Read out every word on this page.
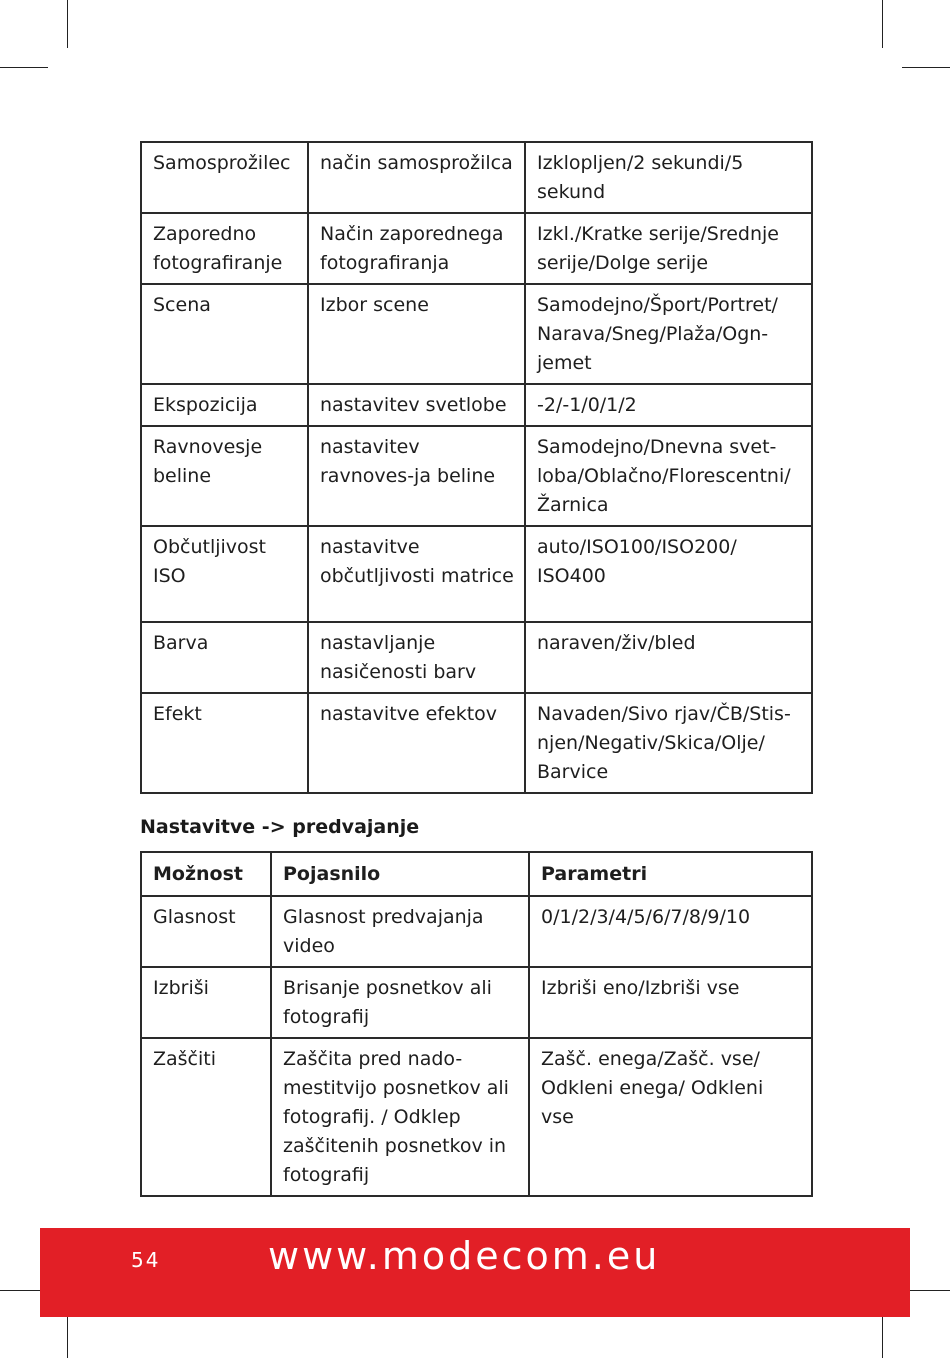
Samosprožilec	način samosprožilca	Izklopljen/2 sekundi/5 sekund
Zaporedno fotografiranje	Način zaporednega fotografiranja	Izkl./Kratke serije/Srednje serije/Dolge serije
Scena	Izbor scene	Samodejno/Šport/Portret/ Narava/Sneg/Plaža/Ogn-jemet
Ekspozicija	nastavitev svetlobe	-2/-1/0/1/2
Ravnovesje beline	nastavitev ravnoves-ja beline	Samodejno/Dnevna svet-loba/Oblačno/Florescentni/ Žarnica
Občutljivost ISO	nastavitve občutljivosti matrice	auto/ISO100/ISO200/ ISO400
Barva	nastavljanje nasičenosti barv	naraven/živ/bled
Efekt	nastavitve efektov	Navaden/Sivo rjav/ČB/Stis-njen/Negativ/Skica/Olje/ Barvice
Nastavitve -> predvajanje
Možnost	Pojasnilo	Parametri
Glasnost	Glasnost predvajanja video	0/1/2/3/4/5/6/7/8/9/10
Izbriši	Brisanje posnetkov ali fotografij	Izbriši eno/Izbriši vse
Zaščiti	Zaščita pred nado-mestitvijo posnetkov ali fotografij. / Odklep zaščitenih posnetkov in fotografij	Zašč. enega/Zašč. vse/ Odkleni enega/ Odkleni vse
54	www.modecom.eu
